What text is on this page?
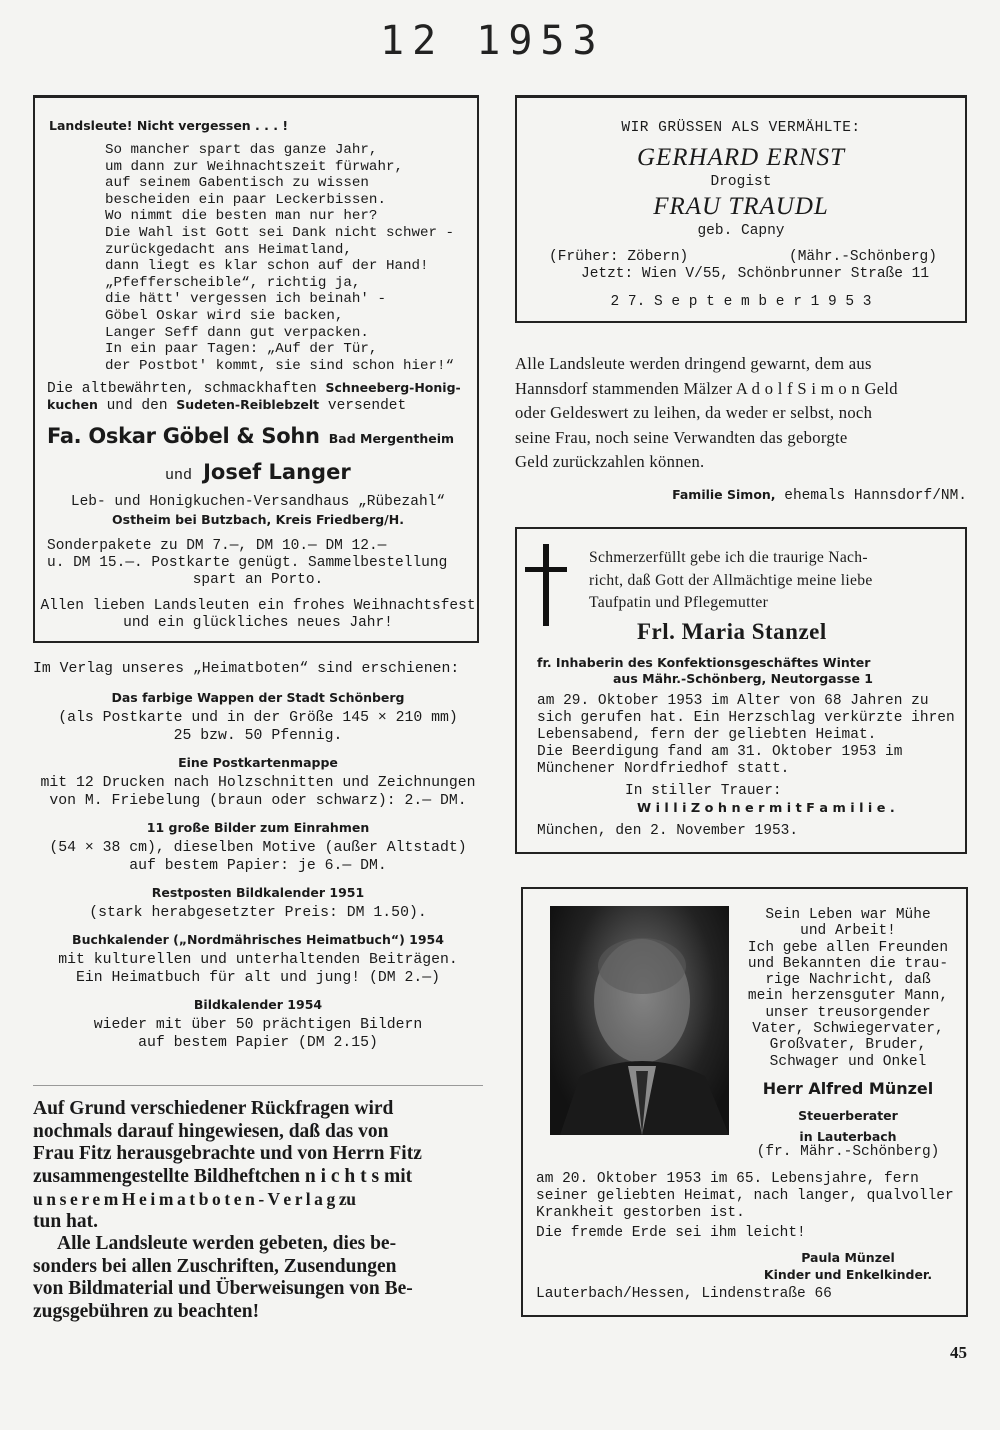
12 1953
Landsleute! Nicht vergessen . . . !
So mancher spart das ganze Jahr,
um dann zur Weihnachtszeit fürwahr,
auf seinem Gabentisch zu wissen
bescheiden ein paar Leckerbissen.
Wo nimmt die besten man nur her?
Die Wahl ist Gott sei Dank nicht schwer -
zurückgedacht ans Heimatland,
dann liegt es klar schon auf der Hand!
„Pfefferscheible“, richtig ja,
die hätt' vergessen ich beinah' -
Göbel Oskar wird sie backen,
Langer Seff dann gut verpacken.
In ein paar Tagen: „Auf der Tür,
der Postbot' kommt, sie sind schon hier!“
Die altbewährten, schmackhaften Schneeberg-Honig-
kuchen und den Sudeten-Reiblebzelt versendet
Fa. Oskar Göbel & Sohn Bad Mergentheim
und Josef Langer
Leb- und Honigkuchen-Versandhaus „Rübezahl“
Ostheim bei Butzbach, Kreis Friedberg/H.
Sonderpakete zu DM 7.—, DM 10.— DM 12.—
u. DM 15.—. Postkarte genügt. Sammelbestellung
spart an Porto.
Allen lieben Landsleuten ein frohes Weihnachtsfest
und ein glückliches neues Jahr!
Im Verlag unseres „Heimatboten“ sind erschienen:
Das farbige Wappen der Stadt Schönberg
(als Postkarte und in der Größe 145 × 210 mm)
25 bzw. 50 Pfennig.
Eine Postkartenmappe
mit 12 Drucken nach Holzschnitten und Zeichnungen
von M. Friebelung (braun oder schwarz): 2.— DM.
11 große Bilder zum Einrahmen
(54 × 38 cm), dieselben Motive (außer Altstadt)
auf bestem Papier: je 6.— DM.
Restposten Bildkalender 1951
(stark herabgesetzter Preis: DM 1.50).
Buchkalender („Nordmährisches Heimatbuch“) 1954
mit kulturellen und unterhaltenden Beiträgen.
Ein Heimatbuch für alt und jung! (DM 2.—)
Bildkalender 1954
wieder mit über 50 prächtigen Bildern
auf bestem Papier (DM 2.15)
Auf Grund verschiedener Rückfragen wird
nochmals darauf hingewiesen, daß das von
Frau Fitz herausgebrachte und von Herrn Fitz
zusammengestellte Bildheftchen n i c h t s mit
u n s e r e m H e i m a t b o t e n - V e r l a g zu
tun hat.
Alle Landsleute werden gebeten, dies be-
sonders bei allen Zuschriften, Zusendungen
von Bildmaterial und Überweisungen von Be-
zugsgebühren zu beachten!
WIR GRÜSSEN ALS VERMÄHLTE:
GERHARD ERNST
Drogist
FRAU TRAUDL
geb. Capny
(Früher: Zöbern)	(Mähr.-Schönberg)
Jetzt: Wien V/55, Schönbrunner Straße 11
2 7. S e p t e m b e r 1 9 5 3
Alle Landsleute werden dringend gewarnt, dem aus
Hannsdorf stammenden Mälzer A d o l f S i m o n Geld
oder Geldeswert zu leihen, da weder er selbst, noch
seine Frau, noch seine Verwandten das geborgte
Geld zurückzahlen können.
Familie Simon, ehemals Hannsdorf/NM.
Schmerzerfüllt gebe ich die traurige Nach-
richt, daß Gott der Allmächtige meine liebe
Taufpatin und Pflegemutter
Frl. Maria Stanzel
fr. Inhaberin des Konfektionsgeschäftes Winter
aus Mähr.-Schönberg, Neutorgasse 1
am 29. Oktober 1953 im Alter von 68 Jahren zu
sich gerufen hat. Ein Herzschlag verkürzte ihren
Lebensabend, fern der geliebten Heimat.
Die Beerdigung fand am 31. Oktober 1953 im
Münchener Nordfriedhof statt.
In stiller Trauer:
W i l l i Z o h n e r m i t F a m i l i e .
München, den 2. November 1953.
Sein Leben war Mühe
und Arbeit!
Ich gebe allen Freunden
und Bekannten die trau-
rige Nachricht, daß
mein herzensguter Mann,
unser treusorgender
Vater, Schwiegervater,
Großvater, Bruder,
Schwager und Onkel
Herr Alfred Münzel
Steuerberater
in Lauterbach
(fr. Mähr.-Schönberg)
am 20. Oktober 1953 im 65. Lebensjahre, fern
seiner geliebten Heimat, nach langer, qualvoller
Krankheit gestorben ist.
Die fremde Erde sei ihm leicht!
Paula Münzel
Kinder und Enkelkinder.
Lauterbach/Hessen, Lindenstraße 66
45
